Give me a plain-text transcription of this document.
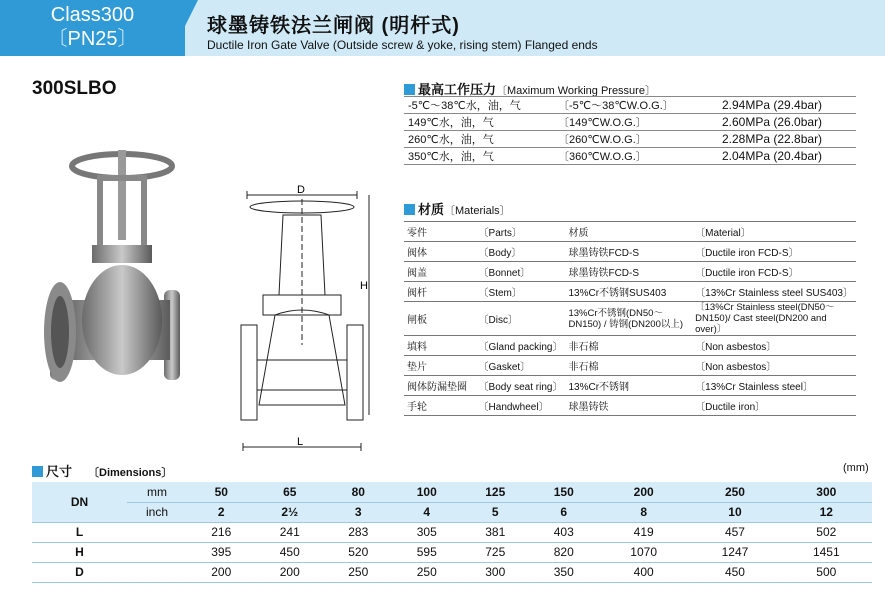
Class300
〔PN25〕
球墨铸铁法兰闸阀 (明杆式)
Ductile Iron Gate Valve (Outside screw & yoke, rising stem) Flanged ends
300SLBO
D
H
L
最高工作压力〔Maximum Working Pressure〕
-5℃～38℃水，油，气	〔-5℃～38℃W.O.G.〕	2.94MPa (29.4bar)
149℃水，油，气	〔149℃W.O.G.〕	2.60MPa (26.0bar)
260℃水，油，气	〔260℃W.O.G.〕	2.28MPa (22.8bar)
350℃水，油，气	〔360℃W.O.G.〕	2.04MPa (20.4bar)
材质〔Materials〕
零件	〔Parts〕	材质	〔Material〕
阀体	〔Body〕	球墨铸铁FCD-S	〔Ductile iron FCD-S〕
阀盖	〔Bonnet〕	球墨铸铁FCD-S	〔Ductile iron FCD-S〕
阀杆	〔Stem〕	13%Cr不锈钢SUS403	〔13%Cr Stainless steel SUS403〕
闸板	〔Disc〕	13%Cr不锈钢(DN50～DN150) / 铸钢(DN200以上)	〔13%Cr Stainless steel(DN50～DN150)/ Cast steel(DN200 and over)〕
填料	〔Gland packing〕	非石棉	〔Non asbestos〕
垫片	〔Gasket〕	非石棉	〔Non asbestos〕
阀体防漏垫圈	〔Body seat ring〕	13%Cr不锈钢	〔13%Cr Stainless steel〕
手轮	〔Handwheel〕	球墨铸铁	〔Ductile iron〕
尺寸 〔Dimensions〕	(mm)
DN	mm	50	65	80	100	125	150	200	250	300
	inch	2	2½	3	4	5	6	8	10	12
L		216	241	283	305	381	403	419	457	502
H		395	450	520	595	725	820	1070	1247	1451
D		200	200	250	250	300	350	400	450	500
